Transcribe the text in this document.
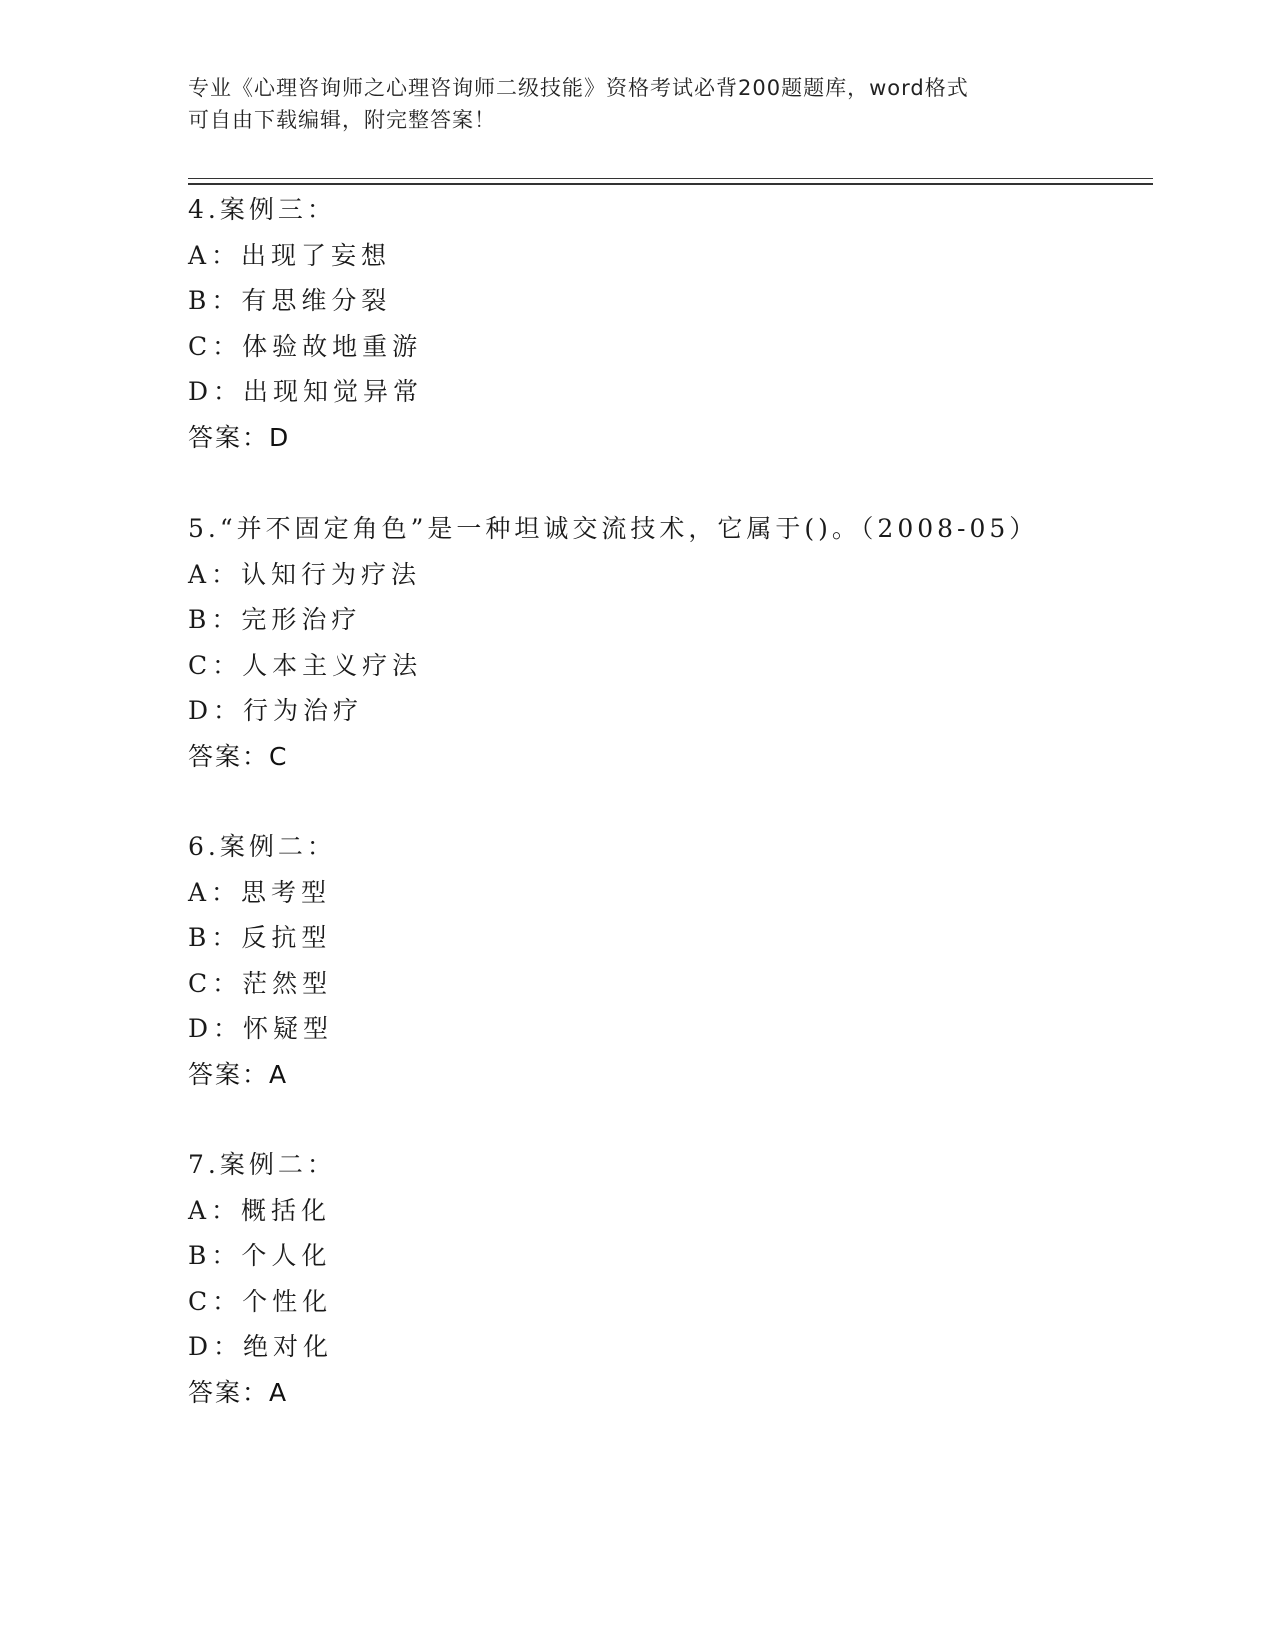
专业《心理咨询师之心理咨询师二级技能》资格考试必背200题题库，word格式
可自由下载编辑，附完整答案！
4.案例三：
A：出现了妄想
B：有思维分裂
C：体验故地重游
D：出现知觉异常
答案：D
5.“并不固定角色”是一种坦诚交流技术，它属于()。（2008-05）
A：认知行为疗法
B：完形治疗
C：人本主义疗法
D：行为治疗
答案：C
6.案例二：
A：思考型
B：反抗型
C：茫然型
D：怀疑型
答案：A
7.案例二：
A：概括化
B：个人化
C：个性化
D：绝对化
答案：A
